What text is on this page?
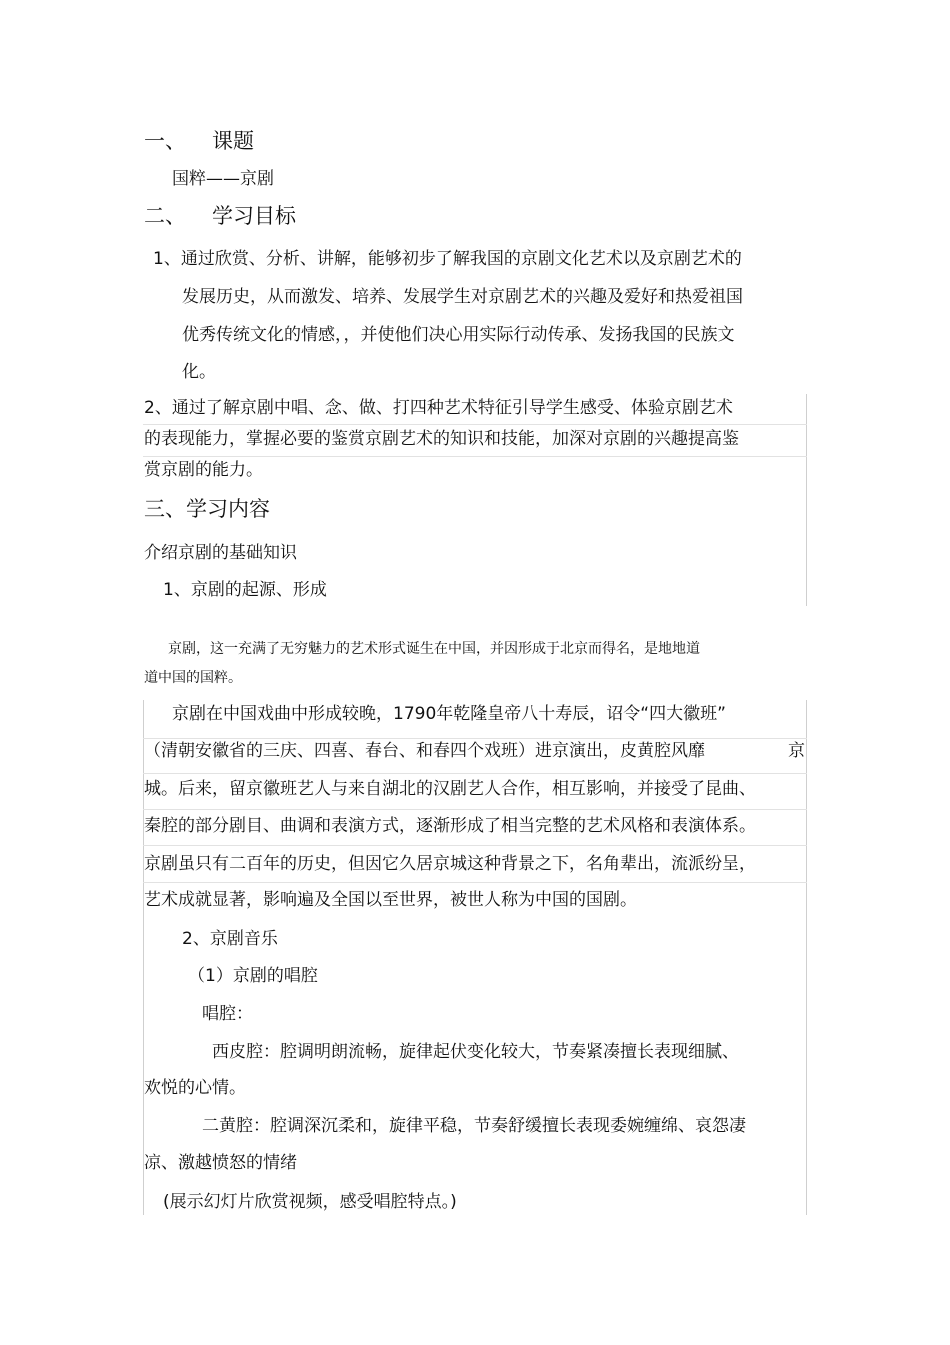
一、 课题
国粹——京剧
二、 学习目标
1、通过欣赏、分析、讲解，能够初步了解我国的京剧文化艺术以及京剧艺术的
发展历史，从而激发、培养、发展学生对京剧艺术的兴趣及爱好和热爱祖国
优秀传统文化的情感，，并使他们决心用实际行动传承、发扬我国的民族文
化。
2、通过了解京剧中唱、念、做、打四种艺术特征引导学生感受、体验京剧艺术
的表现能力，掌握必要的鉴赏京剧艺术的知识和技能，加深对京剧的兴趣提高鉴
赏京剧的能力。
三、学习内容
介绍京剧的基础知识
1、京剧的起源、形成
京剧，这一充满了无穷魅力的艺术形式诞生在中国，并因形成于北京而得名，是地地道
道中国的国粹。
京剧在中国戏曲中形成较晚，1790年乾隆皇帝八十寿辰，诏令“四大徽班”
（清朝安徽省的三庆、四喜、春台、和春四个戏班）进京演出，皮黄腔风靡	京
城。后来，留京徽班艺人与来自湖北的汉剧艺人合作，相互影响，并接受了昆曲、
秦腔的部分剧目、曲调和表演方式，逐渐形成了相当完整的艺术风格和表演体系。
京剧虽只有二百年的历史，但因它久居京城这种背景之下，名角辈出，流派纷呈，
艺术成就显著，影响遍及全国以至世界，被世人称为中国的国剧。
2、京剧音乐
（1）京剧的唱腔
唱腔：
西皮腔：腔调明朗流畅，旋律起伏变化较大，节奏紧凑擅长表现细腻、
欢悦的心情。
二黄腔：腔调深沉柔和，旋律平稳，节奏舒缓擅长表现委婉缠绵、哀怨凄
凉、激越愤怒的情绪
(展示幻灯片欣赏视频，感受唱腔特点。)
